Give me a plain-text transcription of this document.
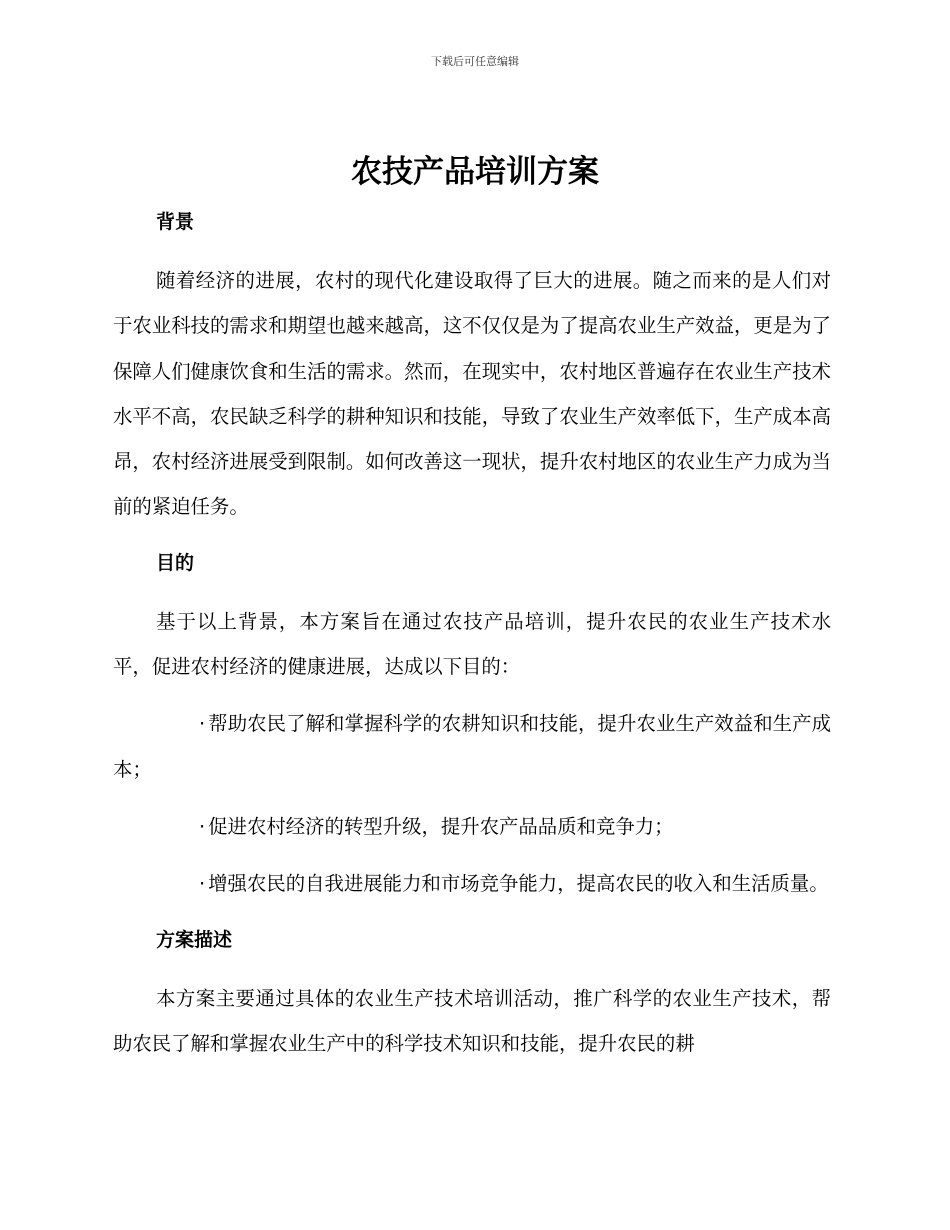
下载后可任意编辑
农技产品培训方案
背景

随着经济的进展，农村的现代化建设取得了巨大的进展。随之而来的是人们对于农业科技的需求和期望也越来越高，这不仅仅是为了提高农业生产效益，更是为了保障人们健康饮食和生活的需求。然而，在现实中，农村地区普遍存在农业生产技术水平不高，农民缺乏科学的耕种知识和技能，导致了农业生产效率低下，生产成本高昂，农村经济进展受到限制。如何改善这一现状，提升农村地区的农业生产力成为当前的紧迫任务。

目的

基于以上背景，本方案旨在通过农技产品培训，提升农民的农业生产技术水平，促进农村经济的健康进展，达成以下目的：

· 帮助农民了解和掌握科学的农耕知识和技能，提升农业生产效益和生产成本；

· 促进农村经济的转型升级，提升农产品品质和竞争力；

· 增强农民的自我进展能力和市场竞争能力，提高农民的收入和生活质量。

方案描述

本方案主要通过具体的农业生产技术培训活动，推广科学的农业生产技术，帮助农民了解和掌握农业生产中的科学技术知识和技能，提升农民的耕
